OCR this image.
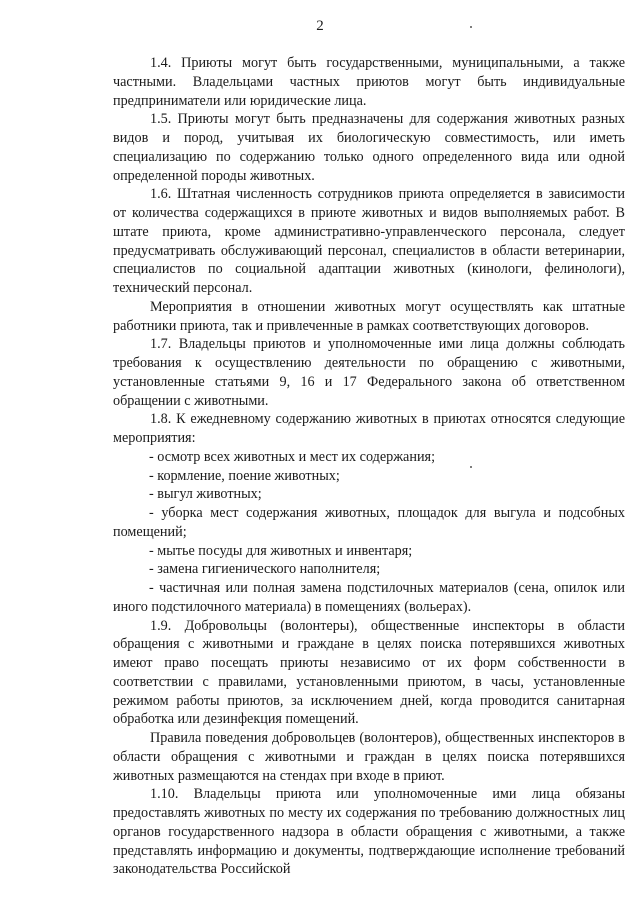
2

1.4. Приюты могут быть государственными, муниципальными, а также частными. Владельцами частных приютов могут быть индивидуальные предприниматели или юридические лица.

1.5. Приюты могут быть предназначены для содержания животных разных видов и пород, учитывая их биологическую совместимость, или иметь специализацию по содержанию только одного определенного вида или одной определенной породы животных.

1.6. Штатная численность сотрудников приюта определяется в зависимости от количества содержащихся в приюте животных и видов выполняемых работ. В штате приюта, кроме административно-управленческого персонала, следует предусматривать обслуживающий персонал, специалистов в области ветеринарии, специалистов по социальной адаптации животных (кинологи, фелинологи), технический персонал.

Мероприятия в отношении животных могут осуществлять как штатные работники приюта, так и привлеченные в рамках соответствующих договоров.

1.7. Владельцы приютов и уполномоченные ими лица должны соблюдать требования к осуществлению деятельности по обращению с животными, установленные статьями 9, 16 и 17 Федерального закона об ответственном обращении с животными.

1.8. К ежедневному содержанию животных в приютах относятся следующие мероприятия:

- осмотр всех животных и мест их содержания;

- кормление, поение животных;

- выгул животных;

- уборка мест содержания животных, площадок для выгула и подсобных помещений;

- мытье посуды для животных и инвентаря;

- замена гигиенического наполнителя;

- частичная или полная замена подстилочных материалов (сена, опилок или иного подстилочного материала) в помещениях (вольерах).

1.9. Добровольцы (волонтеры), общественные инспекторы в области обращения с животными и граждане в целях поиска потерявшихся животных имеют право посещать приюты независимо от их форм собственности в соответствии с правилами, установленными приютом, в часы, установленные режимом работы приютов, за исключением дней, когда проводится санитарная обработка или дезинфекция помещений.

Правила поведения добровольцев (волонтеров), общественных инспекторов в области обращения с животными и граждан в целях поиска потерявшихся животных размещаются на стендах при входе в приют.

1.10. Владельцы приюта или уполномоченные ими лица обязаны предоставлять животных по месту их содержания по требованию должностных лиц органов государственного надзора в области обращения с животными, а также представлять информацию и документы, подтверждающие исполнение требований законодательства Российской
